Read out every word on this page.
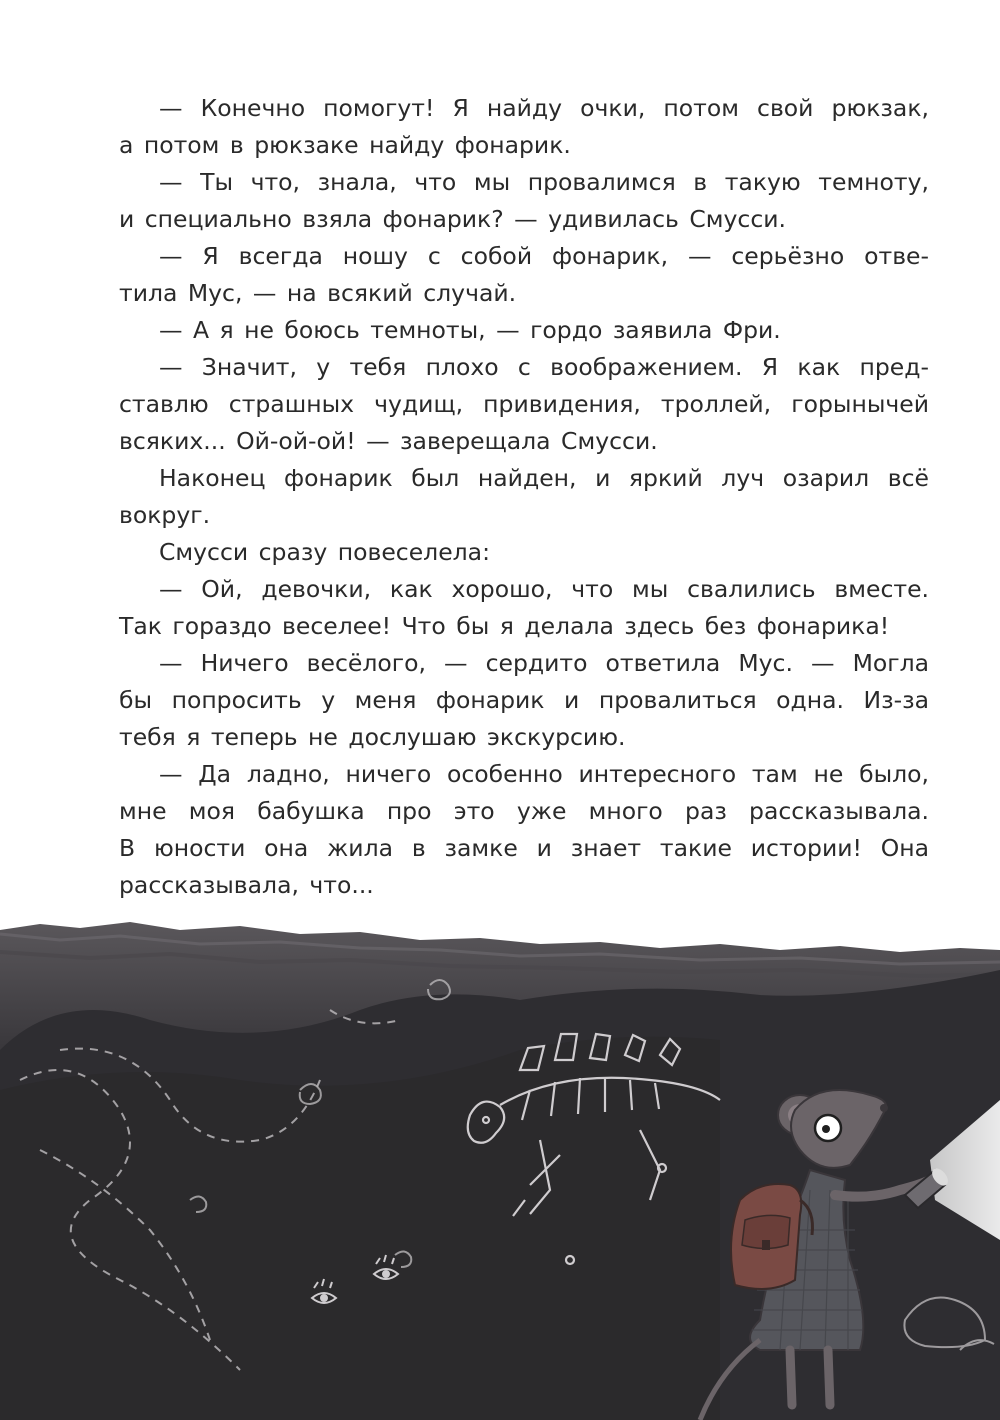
— Конечно помогут! Я найду очки, потом свой рюкзак,
а потом в рюкзаке найду фонарик.
— Ты что, знала, что мы провалимся в такую темноту,
и специально взяла фонарик? — удивилась Смусси.
— Я всегда ношу с собой фонарик, — серьёзно отве-
тила Мус, — на всякий случай.
— А я не боюсь темноты, — гордо заявила Фри.
— Значит, у тебя плохо с воображением. Я как пред-
ставлю страшных чудищ, привидения, троллей, горынычей
всяких... Ой-ой-ой! — заверещала Смусси.
Наконец фонарик был найден, и яркий луч озарил всё
вокруг.
Смусси сразу повеселела:
— Ой, девочки, как хорошо, что мы свалились вместе.
Так гораздо веселее! Что бы я делала здесь без фонарика!
— Ничего весёлого, — сердито ответила Мус. — Могла
бы попросить у меня фонарик и провалиться одна. Из-за
тебя я теперь не дослушаю экскурсию.
— Да ладно, ничего особенно интересного там не было,
мне моя бабушка про это уже много раз рассказывала.
В юности она жила в замке и знает такие истории! Она
рассказывала, что...
